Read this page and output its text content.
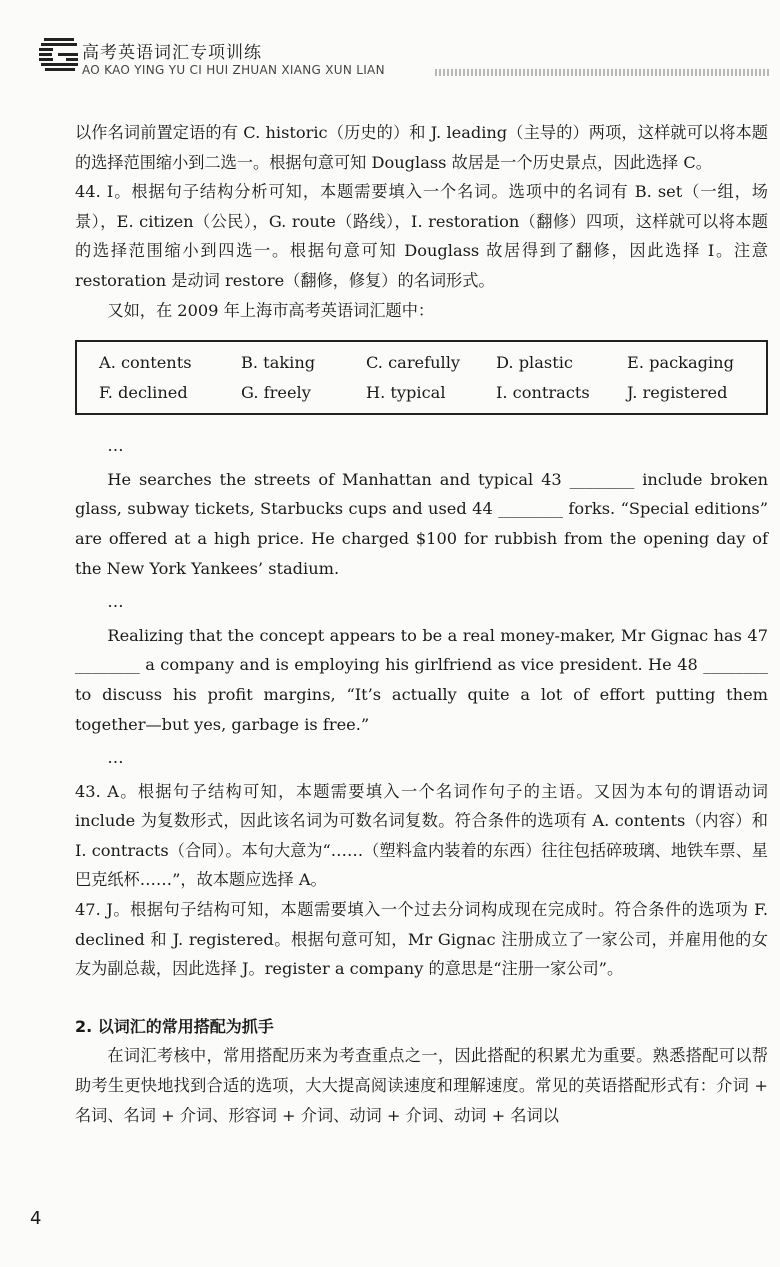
高考英语词汇专项训练
AO KAO YING YU CI HUI ZHUAN XIANG XUN LIAN

以作名词前置定语的有 C. historic（历史的）和 J. leading（主导的）两项，这样就可以将本题的选择范围缩小到二选一。根据句意可知 Douglass 故居是一个历史景点，因此选择 C。

44. I。根据句子结构分析可知，本题需要填入一个名词。选项中的名词有 B. set（一组，场景），E. citizen（公民），G. route（路线），I. restoration（翻修）四项，这样就可以将本题的选择范围缩小到四选一。根据句意可知 Douglass 故居得到了翻修，因此选择 I。注意 restoration 是动词 restore（翻修，修复）的名词形式。

又如，在 2009 年上海市高考英语词汇题中：

A. contents	B. taking	C. carefully	D. plastic	E. packaging
F. declined	G. freely	H. typical	I. contracts	J. registered

…

He searches the streets of Manhattan and typical 43 ________ include broken glass, subway tickets, Starbucks cups and used 44 ________ forks. “Special editions” are offered at a high price. He charged $100 for rubbish from the opening day of the New York Yankees’ stadium.

…

Realizing that the concept appears to be a real money-maker, Mr Gignac has 47 ________ a company and is employing his girlfriend as vice president. He 48 ________ to discuss his profit margins, “It’s actually quite a lot of effort putting them together—but yes, garbage is free.”

…

43. A。根据句子结构可知，本题需要填入一个名词作句子的主语。又因为本句的谓语动词 include 为复数形式，因此该名词为可数名词复数。符合条件的选项有 A. contents（内容）和 I. contracts（合同）。本句大意为“……（塑料盒内装着的东西）往往包括碎玻璃、地铁车票、星巴克纸杯……”，故本题应选择 A。

47. J。根据句子结构可知，本题需要填入一个过去分词构成现在完成时。符合条件的选项为 F. declined 和 J. registered。根据句意可知，Mr Gignac 注册成立了一家公司，并雇用他的女友为副总裁，因此选择 J。register a company 的意思是“注册一家公司”。

2. 以词汇的常用搭配为抓手

在词汇考核中，常用搭配历来为考查重点之一，因此搭配的积累尤为重要。熟悉搭配可以帮助考生更快地找到合适的选项，大大提高阅读速度和理解速度。常见的英语搭配形式有：介词 + 名词、名词 + 介词、形容词 + 介词、动词 + 介词、动词 + 名词以

4
